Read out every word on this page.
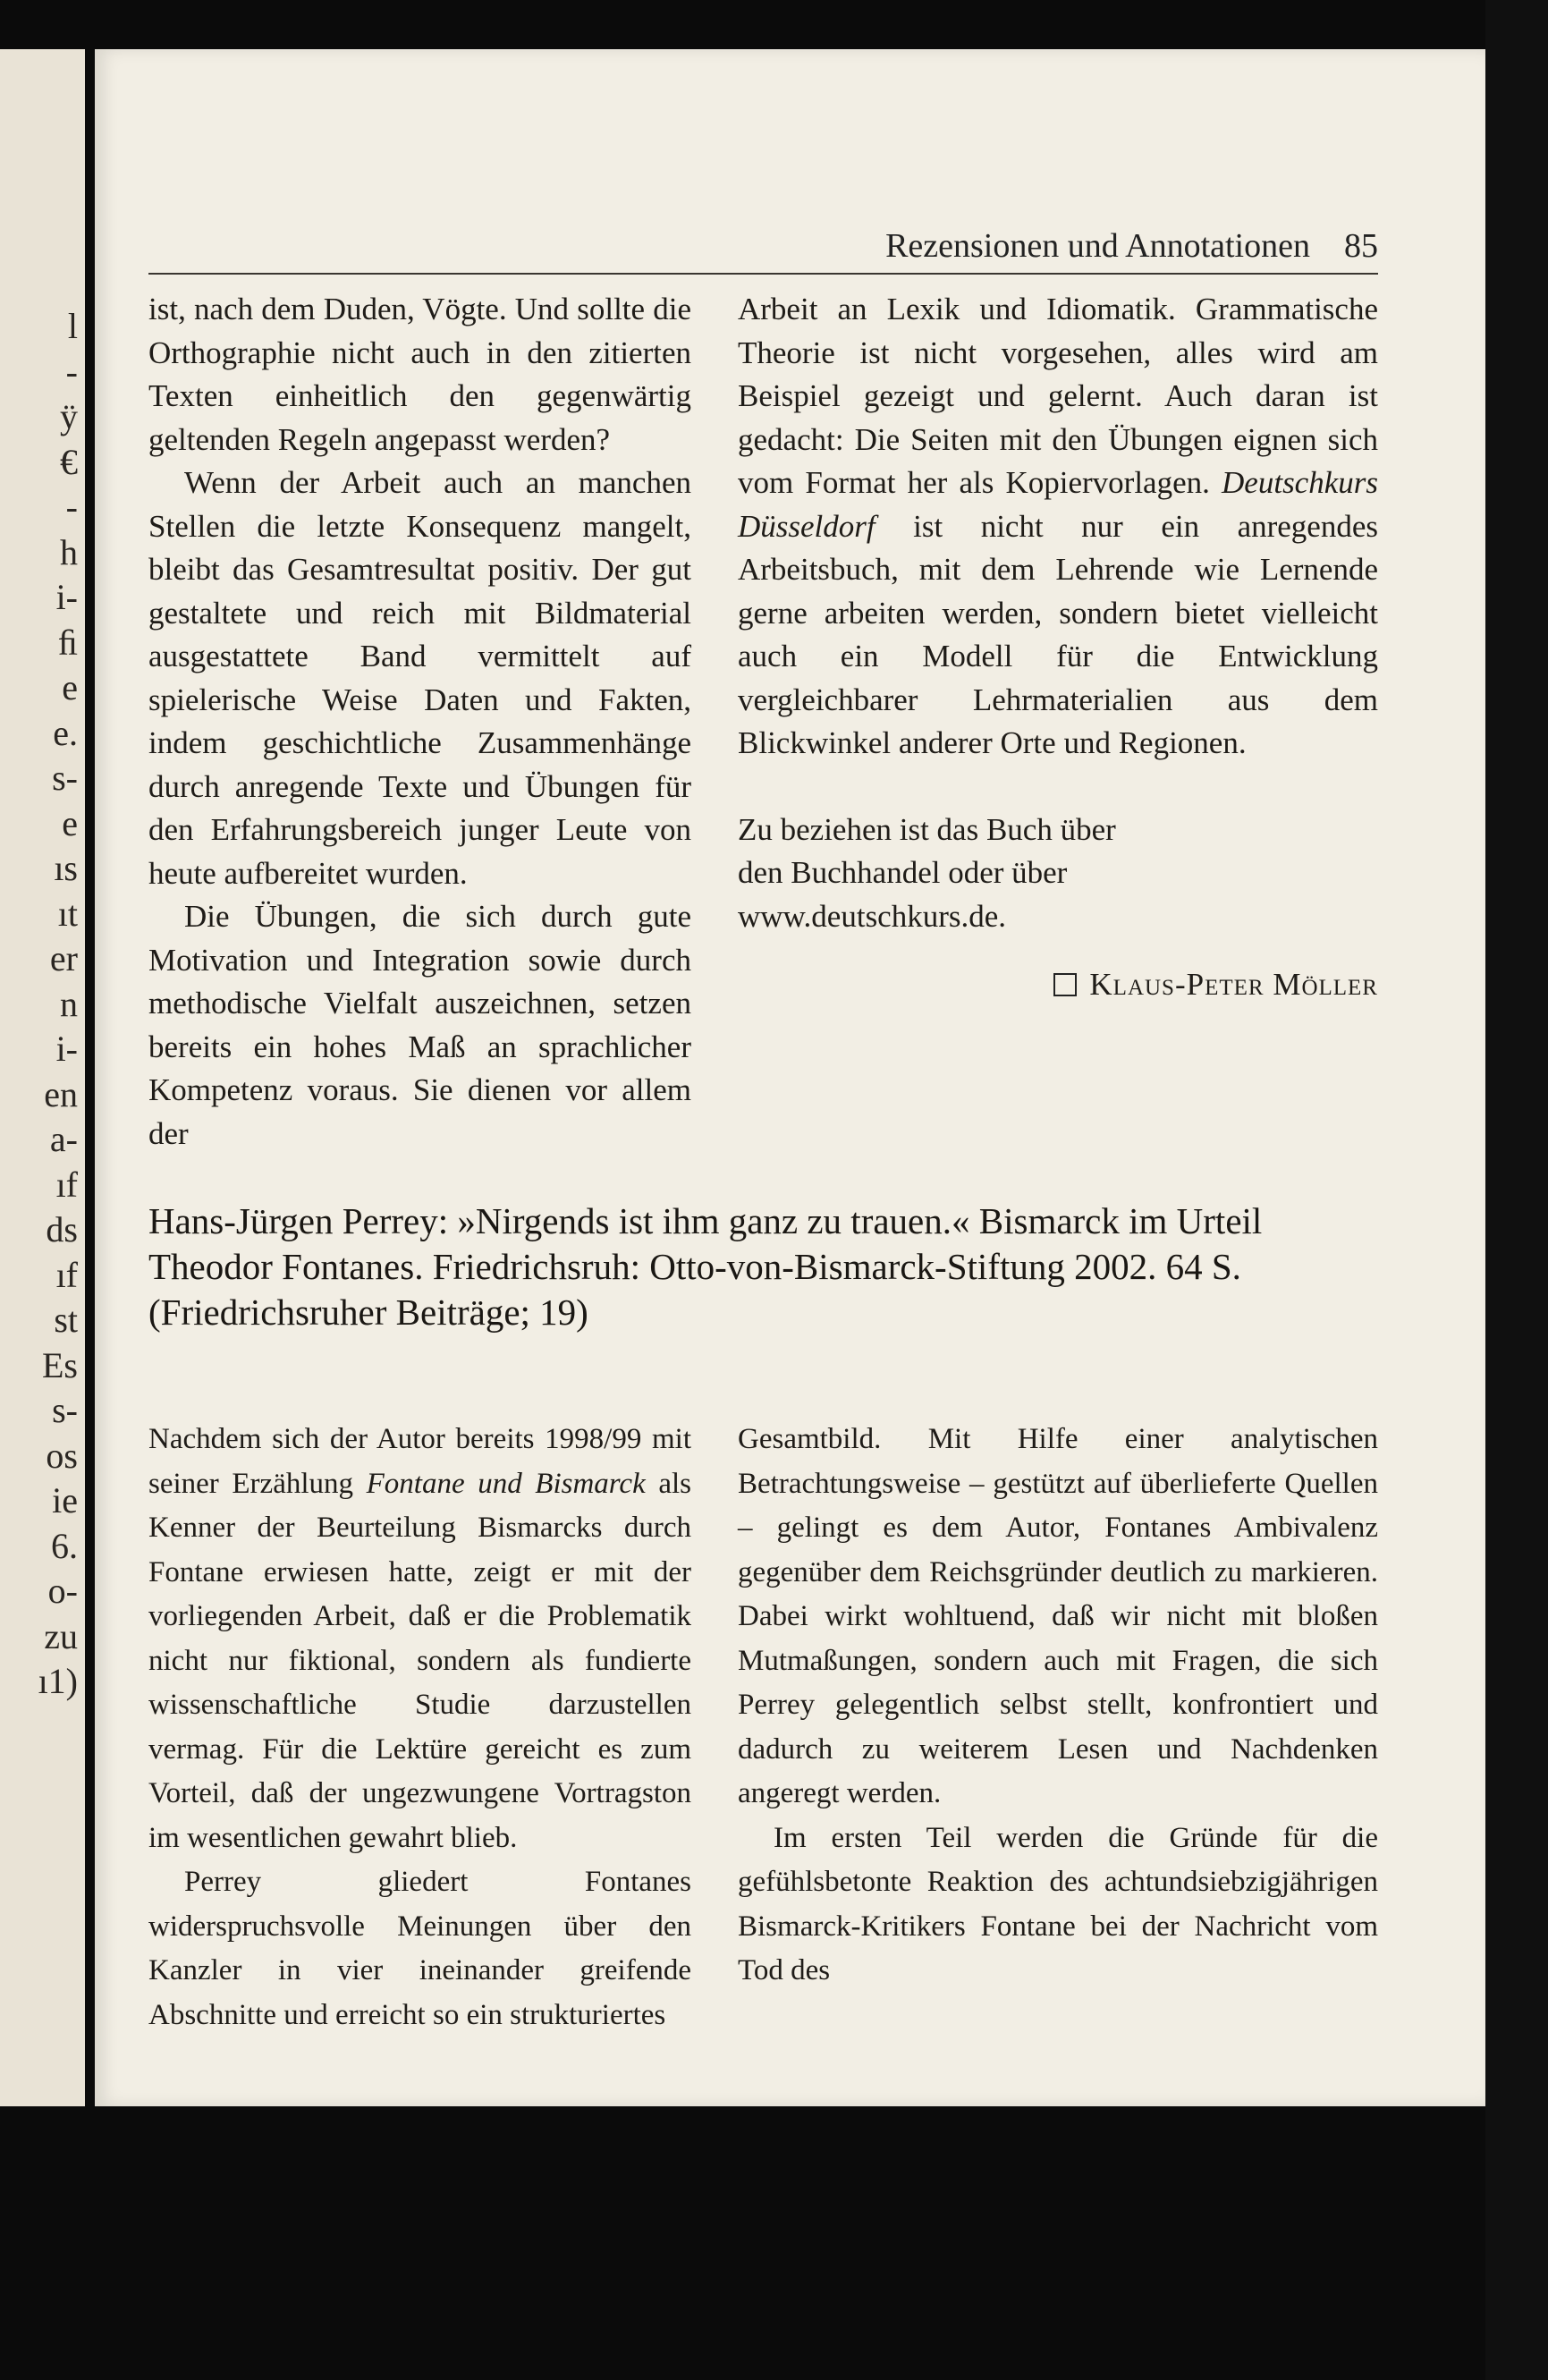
l
-
ÿ
€
-
h
i-
ﬁ
e
e.
s-
e
ıs
ıt
er
n
i-
en
a-
ıf
ds
ıf
st
Es
s-
os
ie
6.
o-
zu
ı1)
Rezensionen und Annotationen 85

ist, nach dem Duden, Vögte. Und sollte die Orthographie nicht auch in den zitierten Texten einheitlich den gegenwärtig geltenden Regeln angepasst werden?

Wenn der Arbeit auch an manchen Stellen die letzte Konsequenz mangelt, bleibt das Gesamtresultat positiv. Der gut gestaltete und reich mit Bildmaterial ausgestattete Band vermittelt auf spielerische Weise Daten und Fakten, indem geschichtliche Zusammenhänge durch anregende Texte und Übungen für den Erfahrungsbereich junger Leute von heute aufbereitet wurden.

Die Übungen, die sich durch gute Motivation und Integration sowie durch methodische Vielfalt auszeichnen, setzen bereits ein hohes Maß an sprachlicher Kompetenz voraus. Sie dienen vor allem der

Arbeit an Lexik und Idiomatik. Grammatische Theorie ist nicht vorgesehen, alles wird am Beispiel gezeigt und gelernt. Auch daran ist gedacht: Die Seiten mit den Übungen eignen sich vom Format her als Kopiervorlagen. Deutschkurs Düsseldorf ist nicht nur ein anregendes Arbeitsbuch, mit dem Lehrende wie Lernende gerne arbeiten werden, sondern bietet vielleicht auch ein Modell für die Entwicklung vergleichbarer Lehrmaterialien aus dem Blickwinkel anderer Orte und Regionen.

Zu beziehen ist das Buch über
den Buchhandel oder über
www.deutschkurs.de.

Klaus-Peter Möller

Hans-Jürgen Perrey: »Nirgends ist ihm ganz zu trauen.« Bismarck im Urteil Theodor Fontanes. Friedrichsruh: Otto-von-Bismarck-Stiftung 2002. 64 S. (Friedrichsruher Beiträge; 19)

Nachdem sich der Autor bereits 1998/99 mit seiner Erzählung Fontane und Bismarck als Kenner der Beurteilung Bismarcks durch Fontane erwiesen hatte, zeigt er mit der vorliegenden Arbeit, daß er die Problematik nicht nur fiktional, sondern als fundierte wissenschaftliche Studie darzustellen vermag. Für die Lektüre gereicht es zum Vorteil, daß der ungezwungene Vortragston im wesentlichen gewahrt blieb.

Perrey gliedert Fontanes widerspruchsvolle Meinungen über den Kanzler in vier ineinander greifende Abschnitte und erreicht so ein strukturiertes

Gesamtbild. Mit Hilfe einer analytischen Betrachtungsweise – gestützt auf überlieferte Quellen – gelingt es dem Autor, Fontanes Ambivalenz gegenüber dem Reichsgründer deutlich zu markieren. Dabei wirkt wohltuend, daß wir nicht mit bloßen Mutmaßungen, sondern auch mit Fragen, die sich Perrey gelegentlich selbst stellt, konfrontiert und dadurch zu weiterem Lesen und Nachdenken angeregt werden.

Im ersten Teil werden die Gründe für die gefühlsbetonte Reaktion des achtundsiebzigjährigen Bismarck-Kritikers Fontane bei der Nachricht vom Tod des
